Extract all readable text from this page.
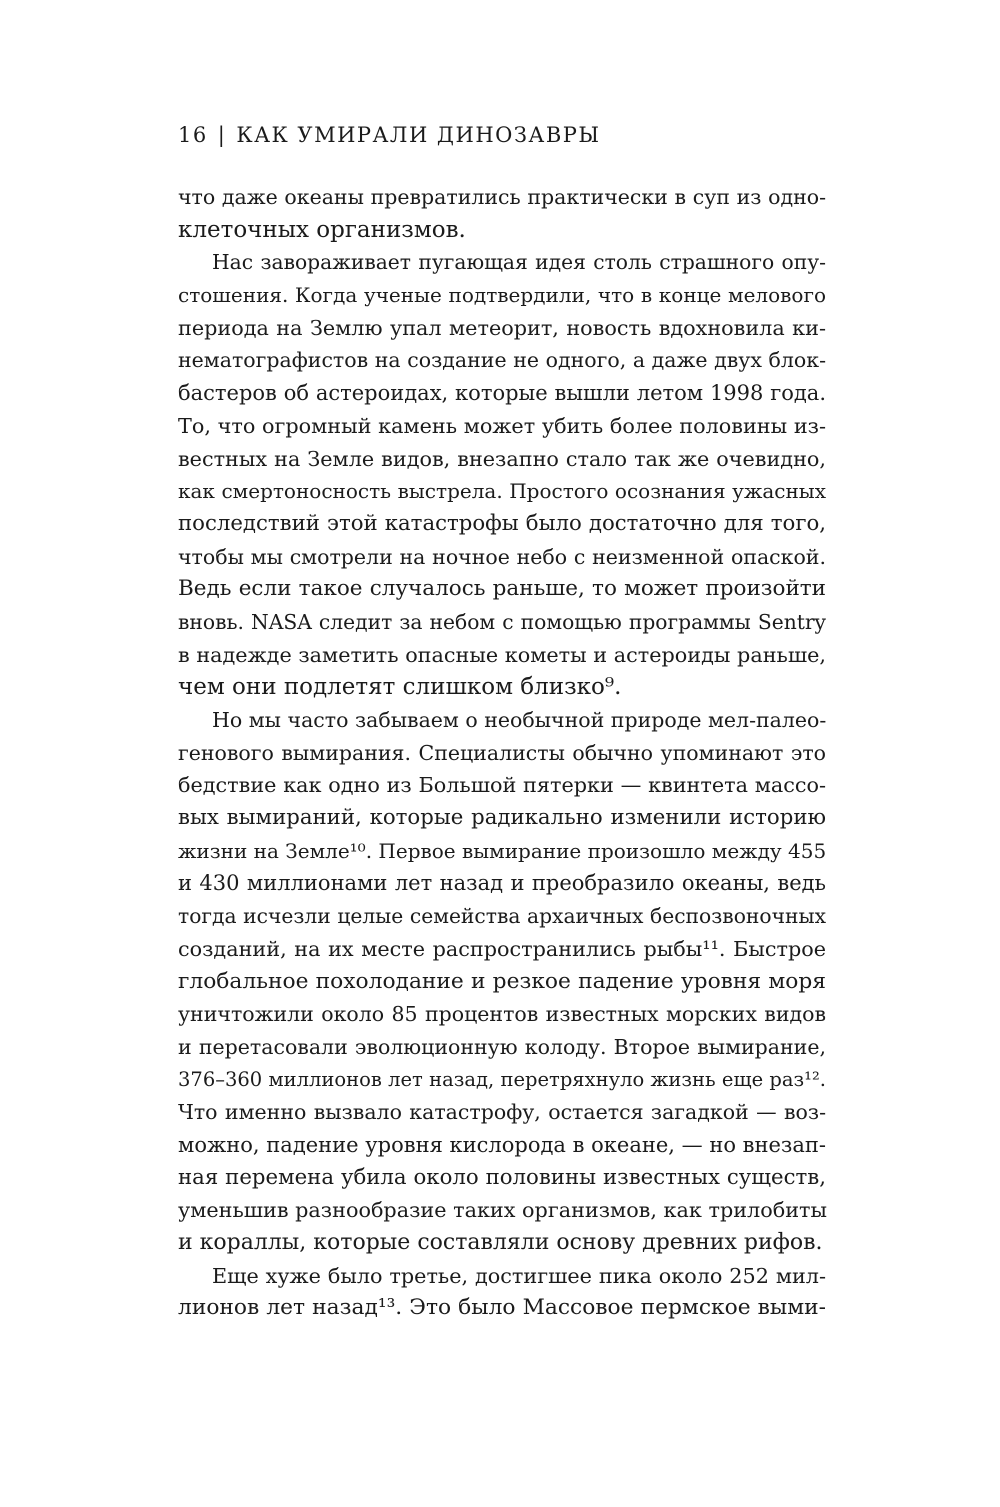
16 | КАК УМИРАЛИ ДИНОЗАВРЫ
что даже океаны превратились практически в суп из одно-
клеточных организмов.
Нас завораживает пугающая идея столь страшного опу-
стошения. Когда ученые подтвердили, что в конце мелового
периода на Землю упал метеорит, новость вдохновила ки-
нематографистов на создание не одного, а даже двух блок-
бастеров об астероидах, которые вышли летом 1998 года.
То, что огромный камень может убить более половины из-
вестных на Земле видов, внезапно стало так же очевидно,
как смертоносность выстрела. Простого осознания ужасных
последствий этой катастрофы было достаточно для того,
чтобы мы смотрели на ночное небо с неизменной опаской.
Ведь если такое случалось раньше, то может произойти
вновь. NASA следит за небом с помощью программы Sentry
в надежде заметить опасные кометы и астероиды раньше,
чем они подлетят слишком близко⁹.
Но мы часто забываем о необычной природе мел-палео-
генового вымирания. Специалисты обычно упоминают это
бедствие как одно из Большой пятерки — квинтета массо-
вых вымираний, которые радикально изменили историю
жизни на Земле¹⁰. Первое вымирание произошло между 455
и 430 миллионами лет назад и преобразило океаны, ведь
тогда исчезли целые семейства архаичных беспозвоночных
созданий, на их месте распространились рыбы¹¹. Быстрое
глобальное похолодание и резкое падение уровня моря
уничтожили около 85 процентов известных морских видов
и перетасовали эволюционную колоду. Второе вымирание,
376–360 миллионов лет назад, перетряхнуло жизнь еще раз¹².
Что именно вызвало катастрофу, остается загадкой — воз-
можно, падение уровня кислорода в океане, — но внезап-
ная перемена убила около половины известных существ,
уменьшив разнообразие таких организмов, как трилобиты
и кораллы, которые составляли основу древних рифов.
Еще хуже было третье, достигшее пика около 252 мил-
лионов лет назад¹³. Это было Массовое пермское выми-
